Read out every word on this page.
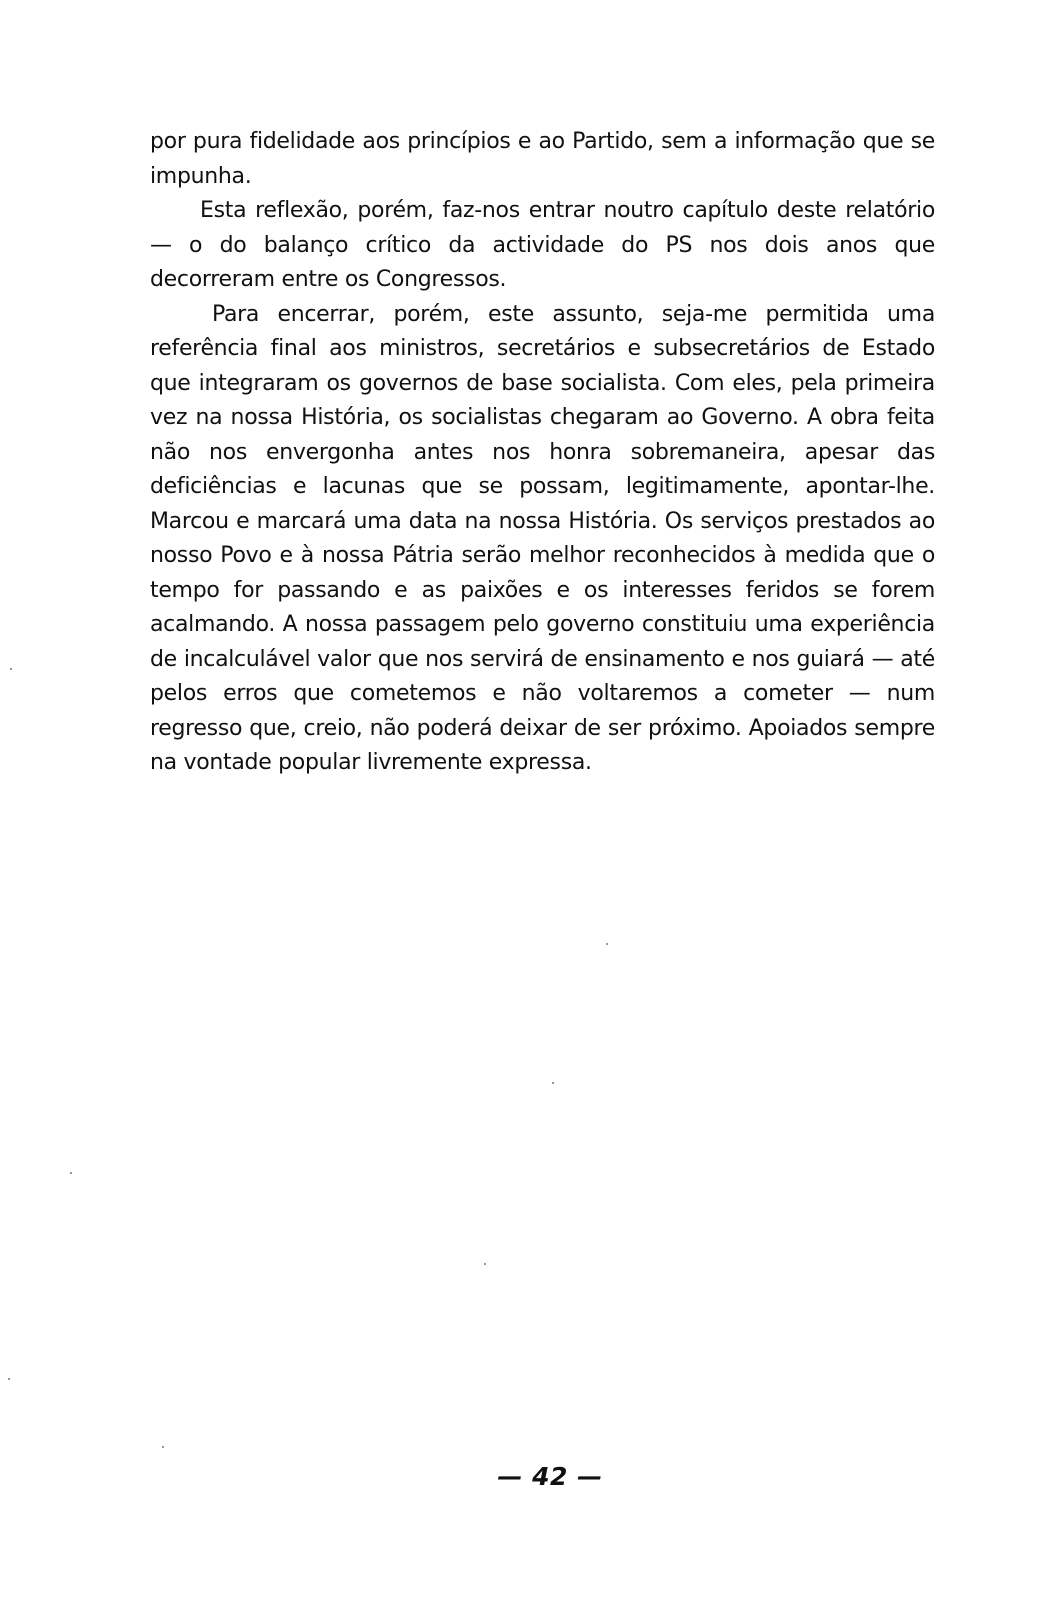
por pura fidelidade aos princípios e ao Partido, sem a informação que se impunha.

Esta reflexão, porém, faz-nos entrar noutro capítulo deste relatório — o do balanço crítico da actividade do PS nos dois anos que decorreram entre os Congressos.

Para encerrar, porém, este assunto, seja-me permitida uma referência final aos ministros, secretários e subsecretários de Estado que integraram os governos de base socialista. Com eles, pela primeira vez na nossa História, os socialistas chegaram ao Governo. A obra feita não nos envergonha antes nos honra sobremaneira, apesar das deficiências e lacunas que se possam, legitimamente, apontar-lhe. Marcou e marcará uma data na nossa História. Os serviços prestados ao nosso Povo e à nossa Pátria serão melhor reconhecidos à medida que o tempo for passando e as paixões e os interesses feridos se forem acalmando. A nossa passagem pelo governo constituiu uma experiência de incalculável valor que nos servirá de ensinamento e nos guiará — até pelos erros que cometemos e não voltaremos a cometer — num regresso que, creio, não poderá deixar de ser próximo. Apoiados sempre na vontade popular livremente expressa.

— 42 —
